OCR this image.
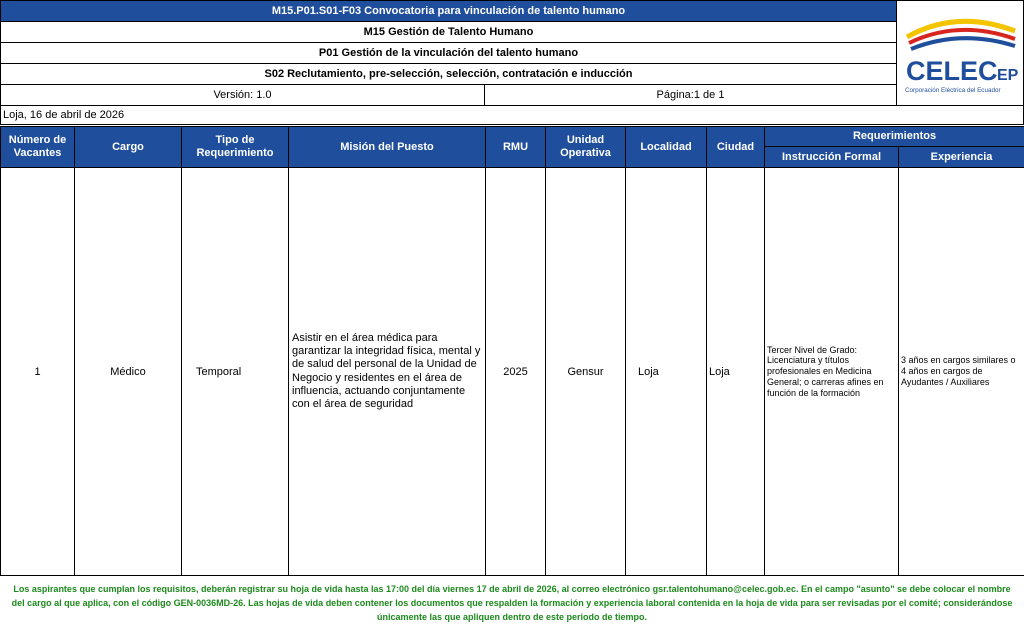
M15.P01.S01-F03 Convocatoria para vinculación de talento humano
M15 Gestión de Talento Humano
P01 Gestión de la vinculación del talento humano
S02 Reclutamiento, pre-selección, selección, contratación e inducción
Versión: 1.0	Página:1 de 1
CELEC EP
Corporación Eléctrica del Ecuador
Loja, 16 de abril de 2026
Número de Vacantes	Cargo	Tipo de Requerimiento	Misión del Puesto	RMU	Unidad Operativa	Localidad	Ciudad	Requerimientos	
								Instrucción Formal	Experiencia
1	Médico	Temporal	Asistir en el área médica para garantizar la integridad física, mental y de salud del personal de la Unidad de Negocio y residentes en el área de influencia, actuando conjuntamente con el área de seguridad	2025	Gensur	Loja	Loja	Tercer Nivel de Grado: Licenciatura y títulos profesionales en Medicina General; o carreras afines en función de la formación	3 años en cargos similares o 4 años en cargos de Ayudantes / Auxiliares
Los aspirantes que cumplan los requisitos, deberán registrar su hoja de vida hasta las 17:00 del día viernes 17 de abril de 2026, al correo electrónico gsr.talentohumano@celec.gob.ec. En el campo "asunto" se debe colocar el nombre del cargo al que aplica, con el código GEN-0036MD-26. Las hojas de vida deben contener los documentos que respalden la formación y experiencia laboral contenida en la hoja de vida para ser revisadas por el comité; considerándose únicamente las que apliquen dentro de este periodo de tiempo.
